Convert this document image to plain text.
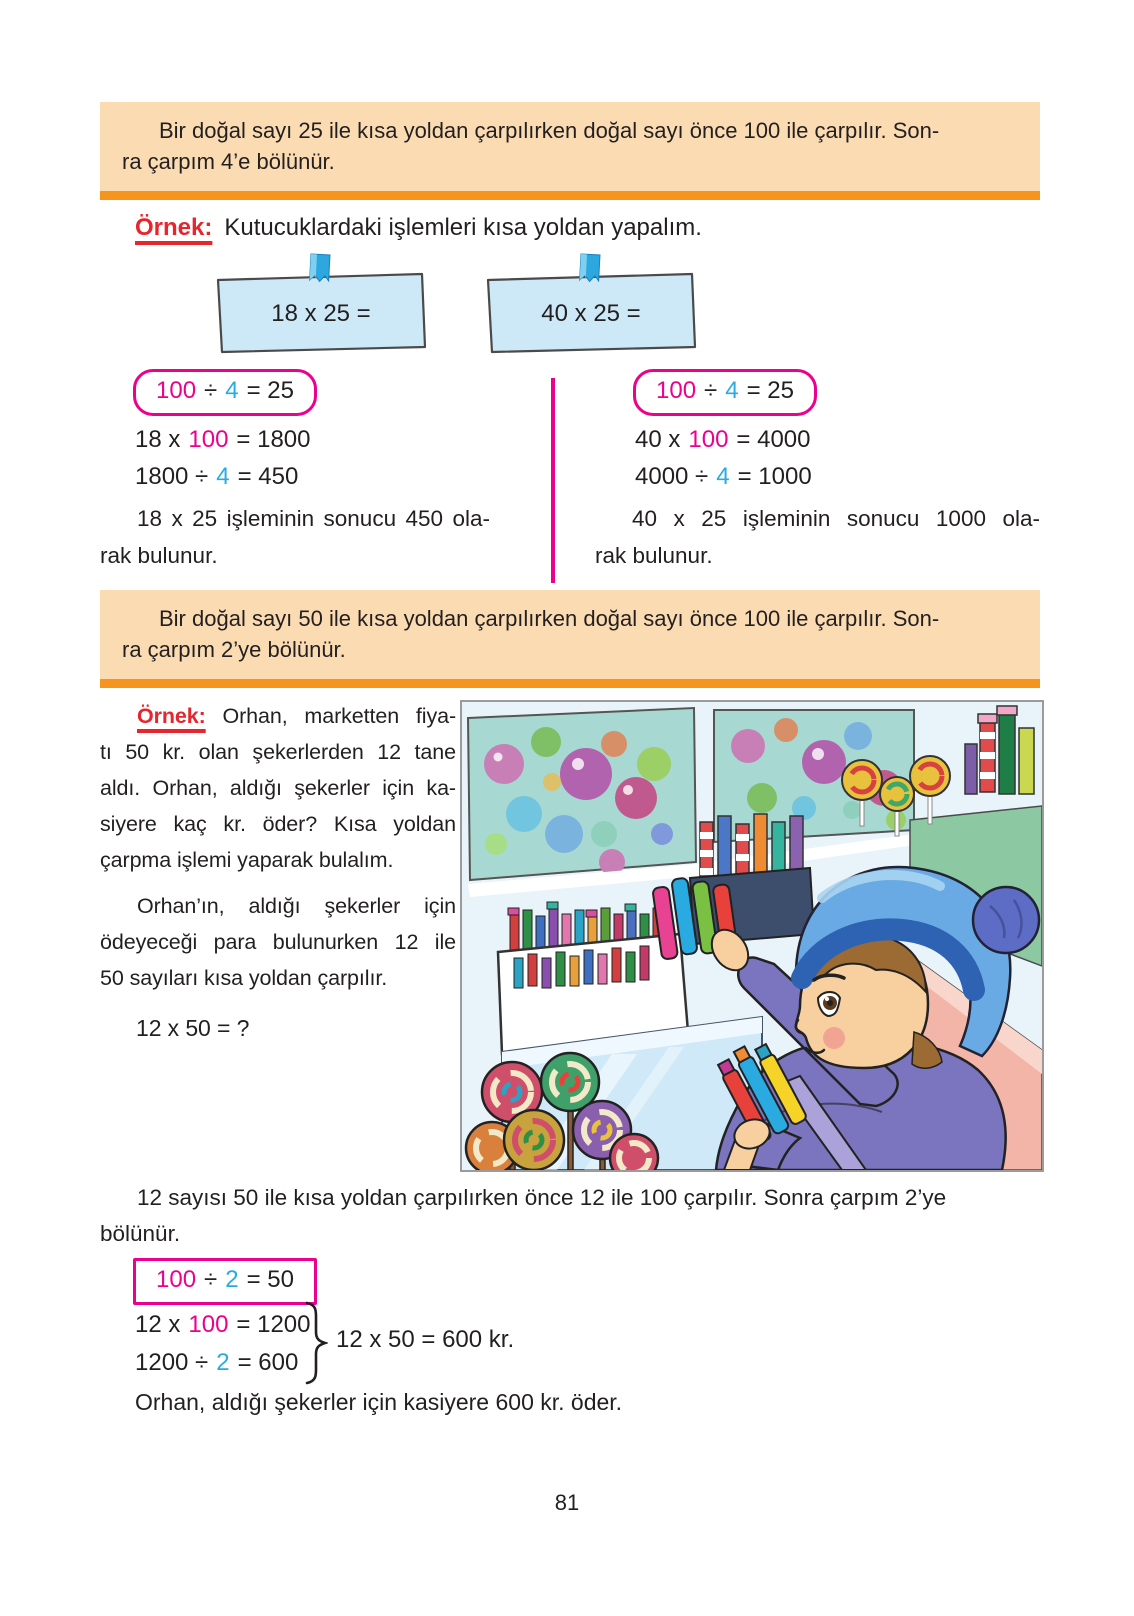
Bir doğal sayı 25 ile kısa yoldan çarpılırken doğal sayı önce 100 ile çarpılır. Son-
ra çarpım 4’e bölünür.
Örnek: Kutucuklardaki işlemleri kısa yoldan yapalım.
18 x 25 =	40 x 25 =
100 ÷ 4 = 25
18 x 100 = 1800
1800 ÷ 4 = 450
18 x 25 işleminin sonucu 450 ola-
rak bulunur.
100 ÷ 4 = 25
40 x 100 = 4000
4000 ÷ 4 = 1000
40 x 25 işleminin sonucu 1000 ola-
rak bulunur.
Bir doğal sayı 50 ile kısa yoldan çarpılırken doğal sayı önce 100 ile çarpılır. Son-
ra çarpım 2’ye bölünür.
Örnek: Orhan, marketten fiya-
tı 50 kr. olan şekerlerden 12 tane
aldı. Orhan, aldığı şekerler için ka-
siyere kaç kr. öder? Kısa yoldan
çarpma işlemi yaparak bulalım.
Orhan’ın, aldığı şekerler için
ödeyeceği para bulunurken 12 ile
50 sayıları kısa yoldan çarpılır.
12 x 50 = ?
12 sayısı 50 ile kısa yoldan çarpılırken önce 12 ile 100 çarpılır. Sonra çarpım 2’ye
bölünür.
100 ÷ 2 = 50
12 x 100 = 1200
1200 ÷ 2 = 600
12 x 50 = 600 kr.
Orhan, aldığı şekerler için kasiyere 600 kr. öder.
81
